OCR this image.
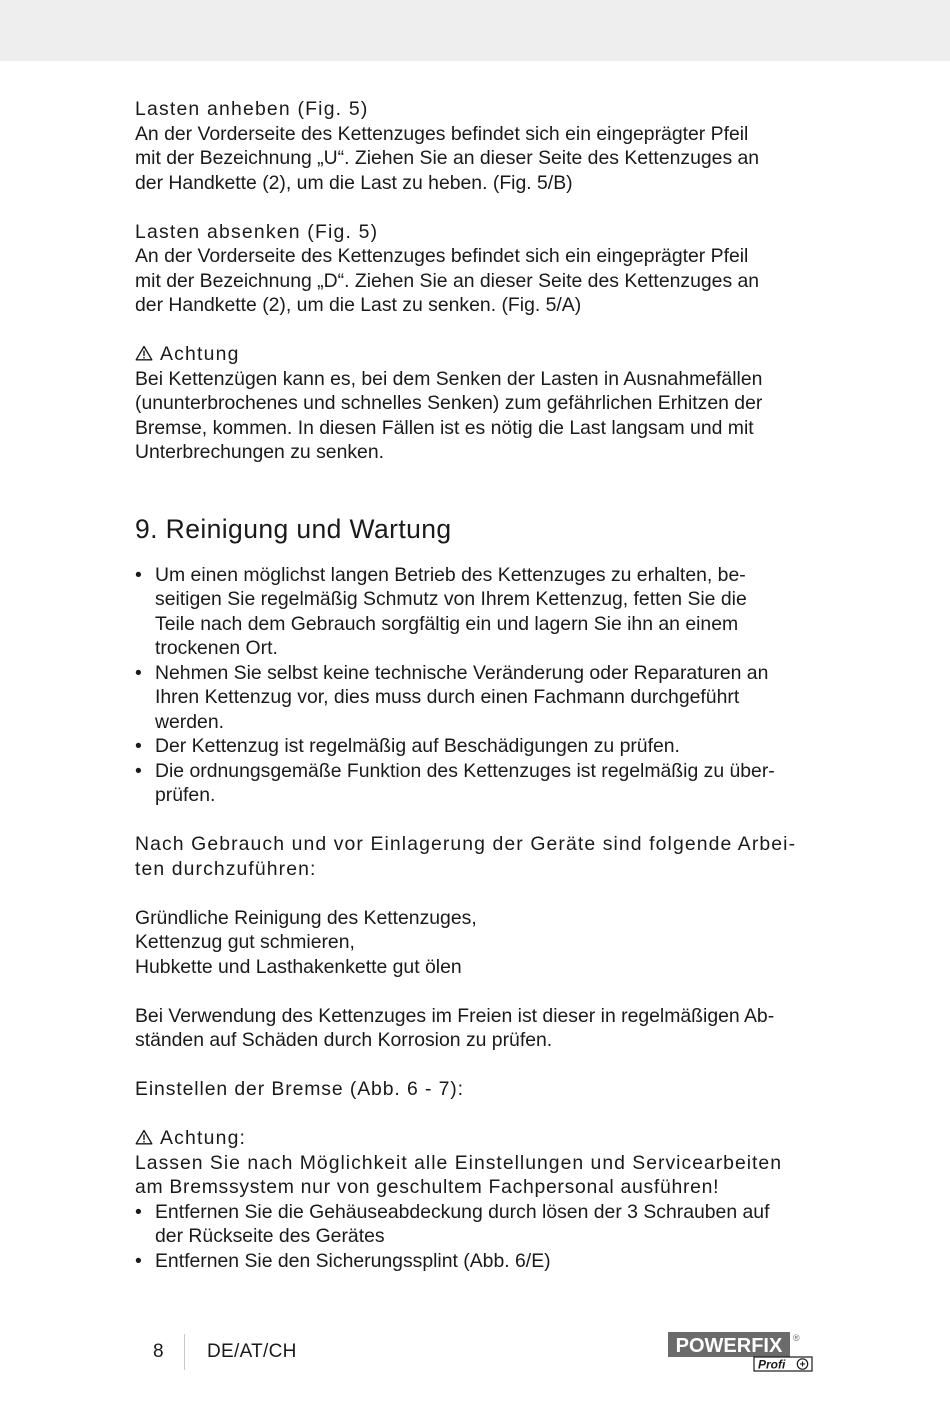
Lasten anheben (Fig. 5)

An der Vorderseite des Kettenzuges befindet sich ein eingeprägter Pfeil

mit der Bezeichnung „U“. Ziehen Sie an dieser Seite des Kettenzuges an

der Handkette (2), um die Last zu heben. (Fig. 5/B)

Lasten absenken (Fig. 5)

An der Vorderseite des Kettenzuges befindet sich ein eingeprägter Pfeil

mit der Bezeichnung „D“. Ziehen Sie an dieser Seite des Kettenzuges an

der Handkette (2), um die Last zu senken. (Fig. 5/A)

Achtung

Bei Kettenzügen kann es, bei dem Senken der Lasten in Ausnahmefällen

(ununterbrochenes und schnelles Senken) zum gefährlichen Erhitzen der

Bremse, kommen. In diesen Fällen ist es nötig die Last langsam und mit

Unterbrechungen zu senken.

9. Reinigung und Wartung
• Um einen möglichst langen Betrieb des Kettenzuges zu erhalten, be-

seitigen Sie regelmäßig Schmutz von Ihrem Kettenzug, fetten Sie die

Teile nach dem Gebrauch sorgfältig ein und lagern Sie ihn an einem

trockenen Ort.

• Nehmen Sie selbst keine technische Veränderung oder Reparaturen an

Ihren Kettenzug vor, dies muss durch einen Fachmann durchgeführt

werden.

• Der Kettenzug ist regelmäßig auf Beschädigungen zu prüfen.

• Die ordnungsgemäße Funktion des Kettenzuges ist regelmäßig zu über-

prüfen.

Nach Gebrauch und vor Einlagerung der Geräte sind folgende Arbei-

ten durchzuführen:

Gründliche Reinigung des Kettenzuges,

Kettenzug gut schmieren,

Hubkette und Lasthakenkette gut ölen

Bei Verwendung des Kettenzuges im Freien ist dieser in regelmäßigen Ab-

ständen auf Schäden durch Korrosion zu prüfen.

Einstellen der Bremse (Abb. 6 - 7):

Achtung:

Lassen Sie nach Möglichkeit alle Einstellungen und Servicearbeiten

am Bremssystem nur von geschultem Fachpersonal ausführen!

• Entfernen Sie die Gehäuseabdeckung durch lösen der 3 Schrauben auf

der Rückseite des Gerätes

• Entfernen Sie den Sicherungssplint (Abb. 6/E)

8 DE/AT/CH	POWERFIX ®
Profi +
